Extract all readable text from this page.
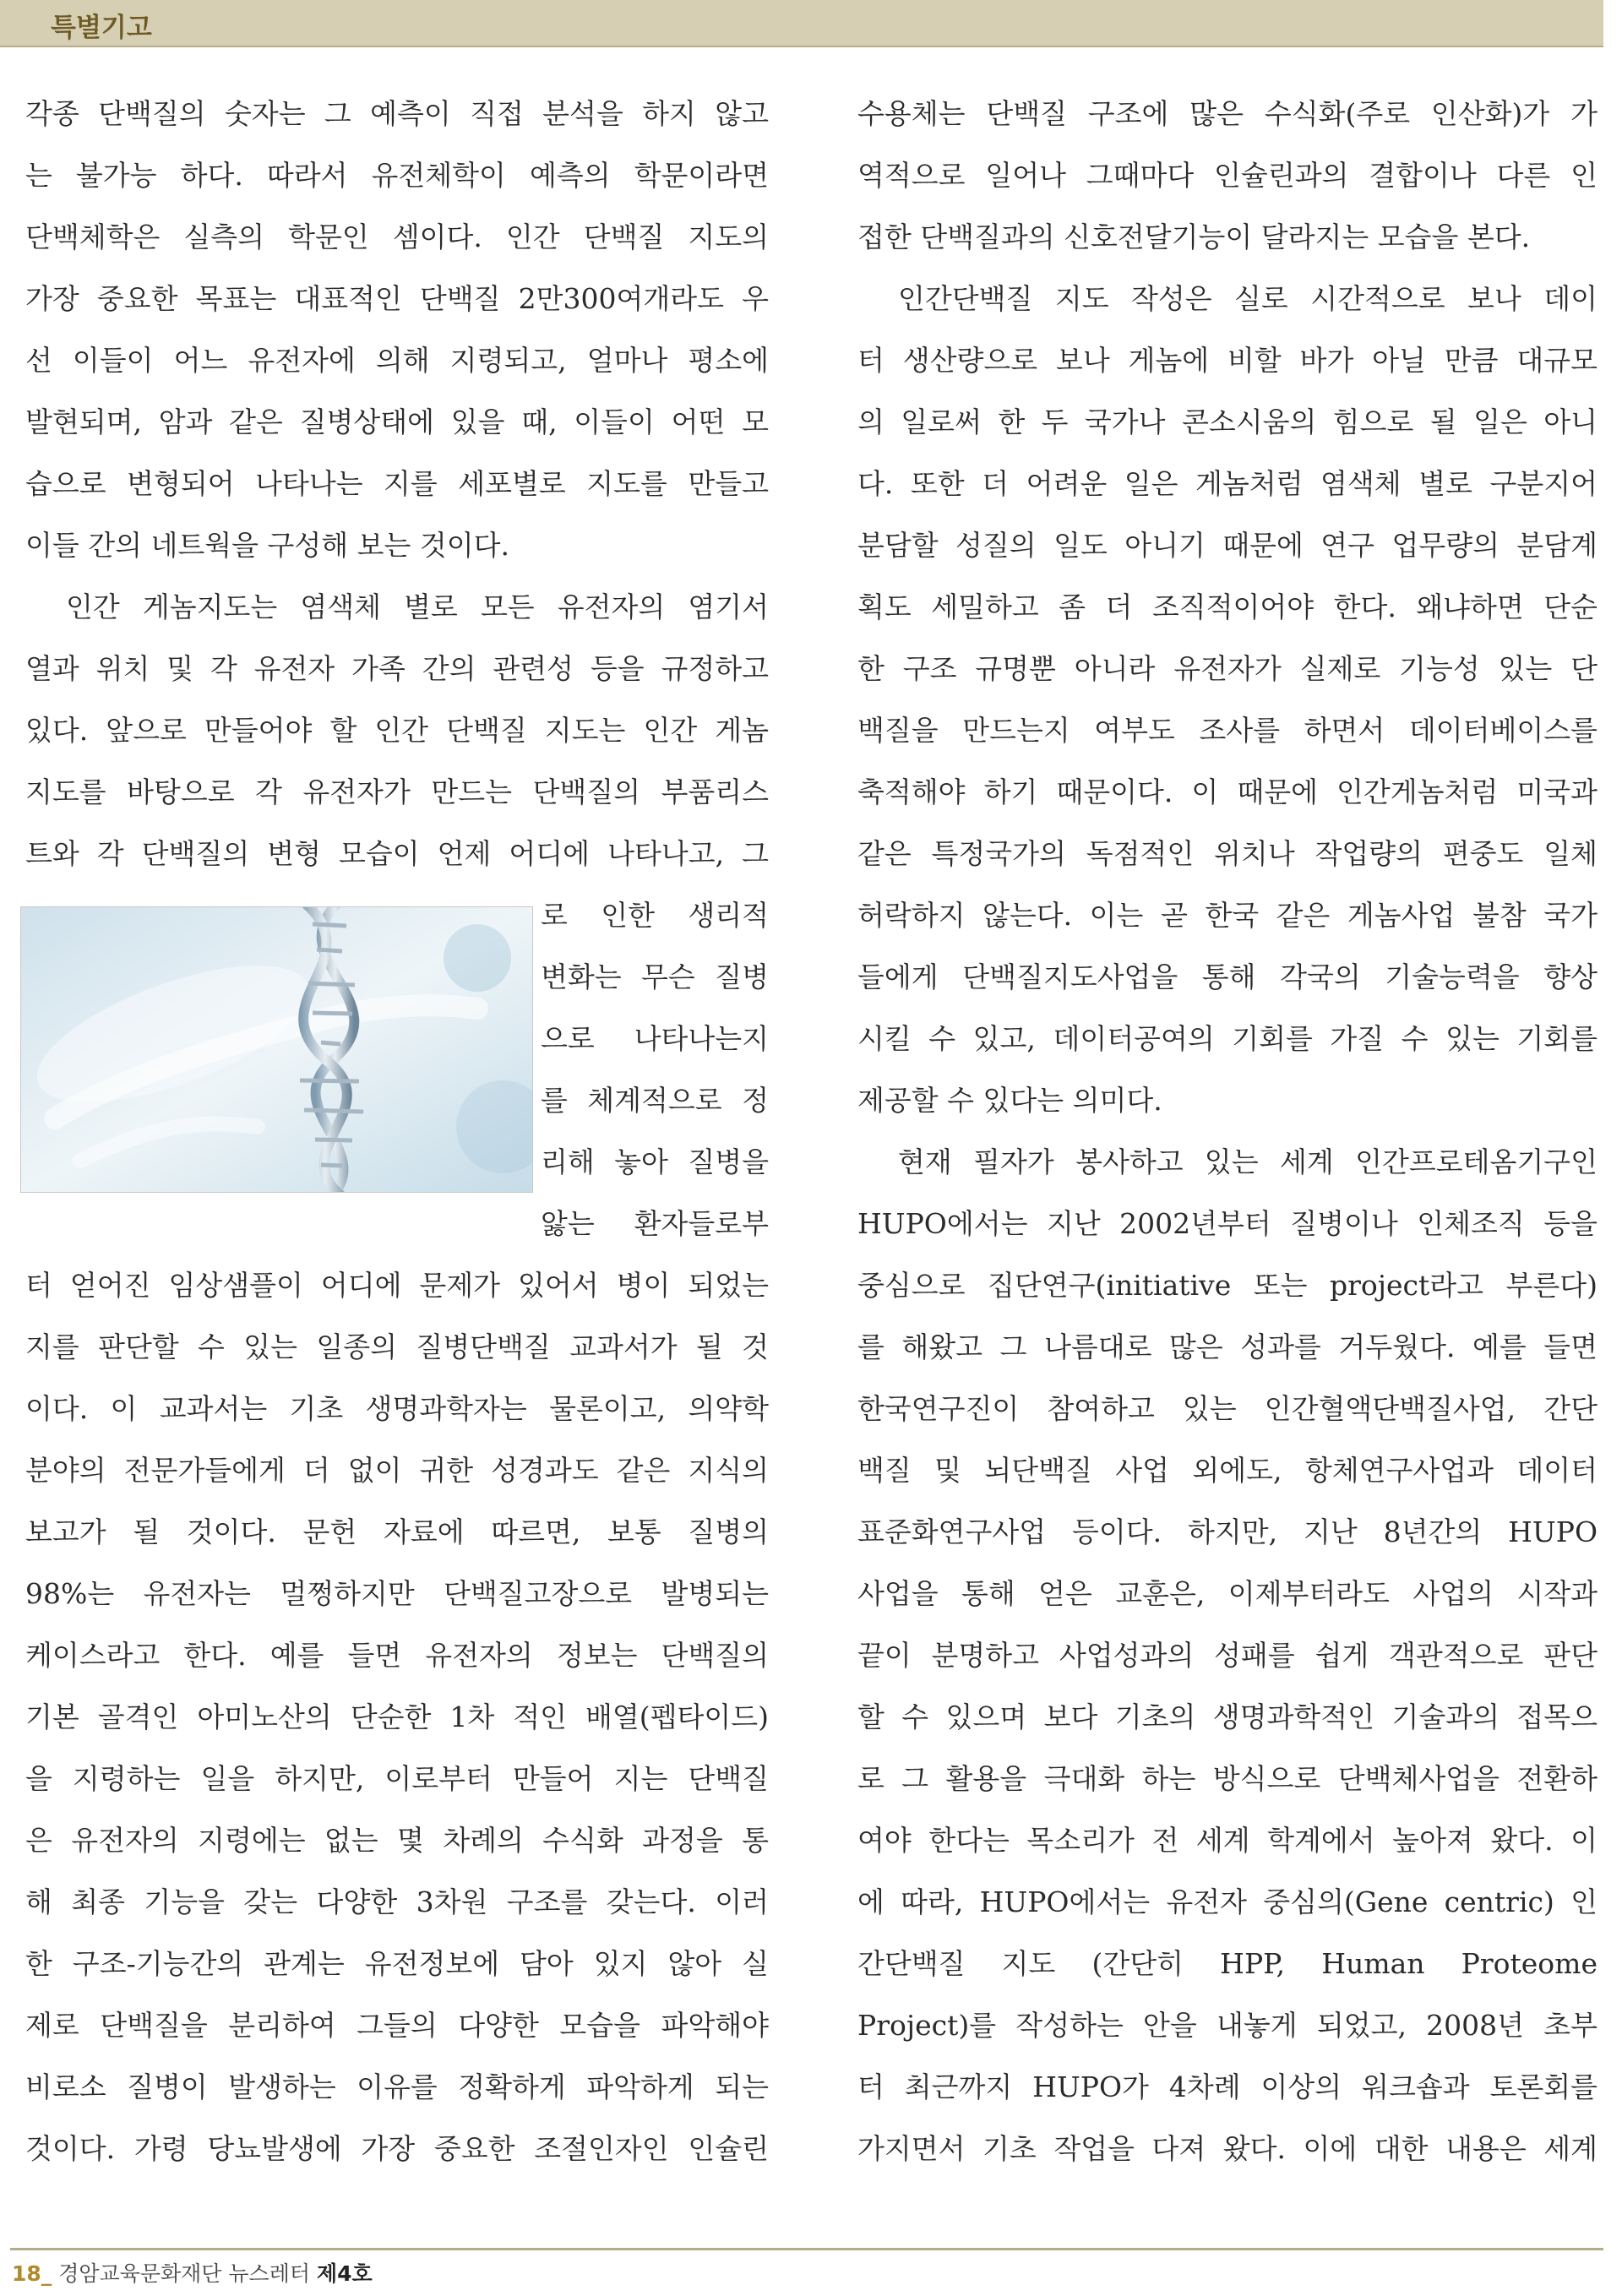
특별기고
각종 단백질의 숫자는 그 예측이 직접 분석을 하지 않고
는 불가능 하다. 따라서 유전체학이 예측의 학문이라면
단백체학은 실측의 학문인 셈이다. 인간 단백질 지도의
가장 중요한 목표는 대표적인 단백질 2만300여개라도 우
선 이들이 어느 유전자에 의해 지령되고, 얼마나 평소에
발현되며, 암과 같은 질병상태에 있을 때, 이들이 어떤 모
습으로 변형되어 나타나는 지를 세포별로 지도를 만들고
이들 간의 네트웍을 구성해 보는 것이다.
인간 게놈지도는 염색체 별로 모든 유전자의 염기서
열과 위치 및 각 유전자 가족 간의 관련성 등을 규정하고
있다. 앞으로 만들어야 할 인간 단백질 지도는 인간 게놈
지도를 바탕으로 각 유전자가 만드는 단백질의 부품리스
트와 각 단백질의 변형 모습이 언제 어디에 나타나고, 그
로 인한 생리적
변화는 무슨 질병
으로 나타나는지
를 체계적으로 정
리해 놓아 질병을
앓는 환자들로부
터 얻어진 임상샘플이 어디에 문제가 있어서 병이 되었는
지를 판단할 수 있는 일종의 질병단백질 교과서가 될 것
이다. 이 교과서는 기초 생명과학자는 물론이고, 의약학
분야의 전문가들에게 더 없이 귀한 성경과도 같은 지식의
보고가 될 것이다. 문헌 자료에 따르면, 보통 질병의
98%는 유전자는 멀쩡하지만 단백질고장으로 발병되는
케이스라고 한다. 예를 들면 유전자의 정보는 단백질의
기본 골격인 아미노산의 단순한 1차 적인 배열(펩타이드)
을 지령하는 일을 하지만, 이로부터 만들어 지는 단백질
은 유전자의 지령에는 없는 몇 차례의 수식화 과정을 통
해 최종 기능을 갖는 다양한 3차원 구조를 갖는다. 이러
한 구조-기능간의 관계는 유전정보에 담아 있지 않아 실
제로 단백질을 분리하여 그들의 다양한 모습을 파악해야
비로소 질병이 발생하는 이유를 정확하게 파악하게 되는
것이다. 가령 당뇨발생에 가장 중요한 조절인자인 인슐린
수용체는 단백질 구조에 많은 수식화(주로 인산화)가 가
역적으로 일어나 그때마다 인슐린과의 결합이나 다른 인
접한 단백질과의 신호전달기능이 달라지는 모습을 본다.
인간단백질 지도 작성은 실로 시간적으로 보나 데이
터 생산량으로 보나 게놈에 비할 바가 아닐 만큼 대규모
의 일로써 한 두 국가나 콘소시움의 힘으로 될 일은 아니
다. 또한 더 어려운 일은 게놈처럼 염색체 별로 구분지어
분담할 성질의 일도 아니기 때문에 연구 업무량의 분담계
획도 세밀하고 좀 더 조직적이어야 한다. 왜냐하면 단순
한 구조 규명뿐 아니라 유전자가 실제로 기능성 있는 단
백질을 만드는지 여부도 조사를 하면서 데이터베이스를
축적해야 하기 때문이다. 이 때문에 인간게놈처럼 미국과
같은 특정국가의 독점적인 위치나 작업량의 편중도 일체
허락하지 않는다. 이는 곧 한국 같은 게놈사업 불참 국가
들에게 단백질지도사업을 통해 각국의 기술능력을 향상
시킬 수 있고, 데이터공여의 기회를 가질 수 있는 기회를
제공할 수 있다는 의미다.
현재 필자가 봉사하고 있는 세계 인간프로테옴기구인
HUPO에서는 지난 2002년부터 질병이나 인체조직 등을
중심으로 집단연구(initiative 또는 project라고 부른다)
를 해왔고 그 나름대로 많은 성과를 거두웠다. 예를 들면
한국연구진이 참여하고 있는 인간혈액단백질사업, 간단
백질 및 뇌단백질 사업 외에도, 항체연구사업과 데이터
표준화연구사업 등이다. 하지만, 지난 8년간의 HUPO
사업을 통해 얻은 교훈은, 이제부터라도 사업의 시작과
끝이 분명하고 사업성과의 성패를 쉽게 객관적으로 판단
할 수 있으며 보다 기초의 생명과학적인 기술과의 접목으
로 그 활용을 극대화 하는 방식으로 단백체사업을 전환하
여야 한다는 목소리가 전 세계 학계에서 높아져 왔다. 이
에 따라, HUPO에서는 유전자 중심의(Gene centric) 인
간단백질 지도 (간단히 HPP, Human Proteome
Project)를 작성하는 안을 내놓게 되었고, 2008년 초부
터 최근까지 HUPO가 4차례 이상의 워크숍과 토론회를
가지면서 기초 작업을 다져 왔다. 이에 대한 내용은 세계
18_ 경암교육문화재단 뉴스레터 제4호
